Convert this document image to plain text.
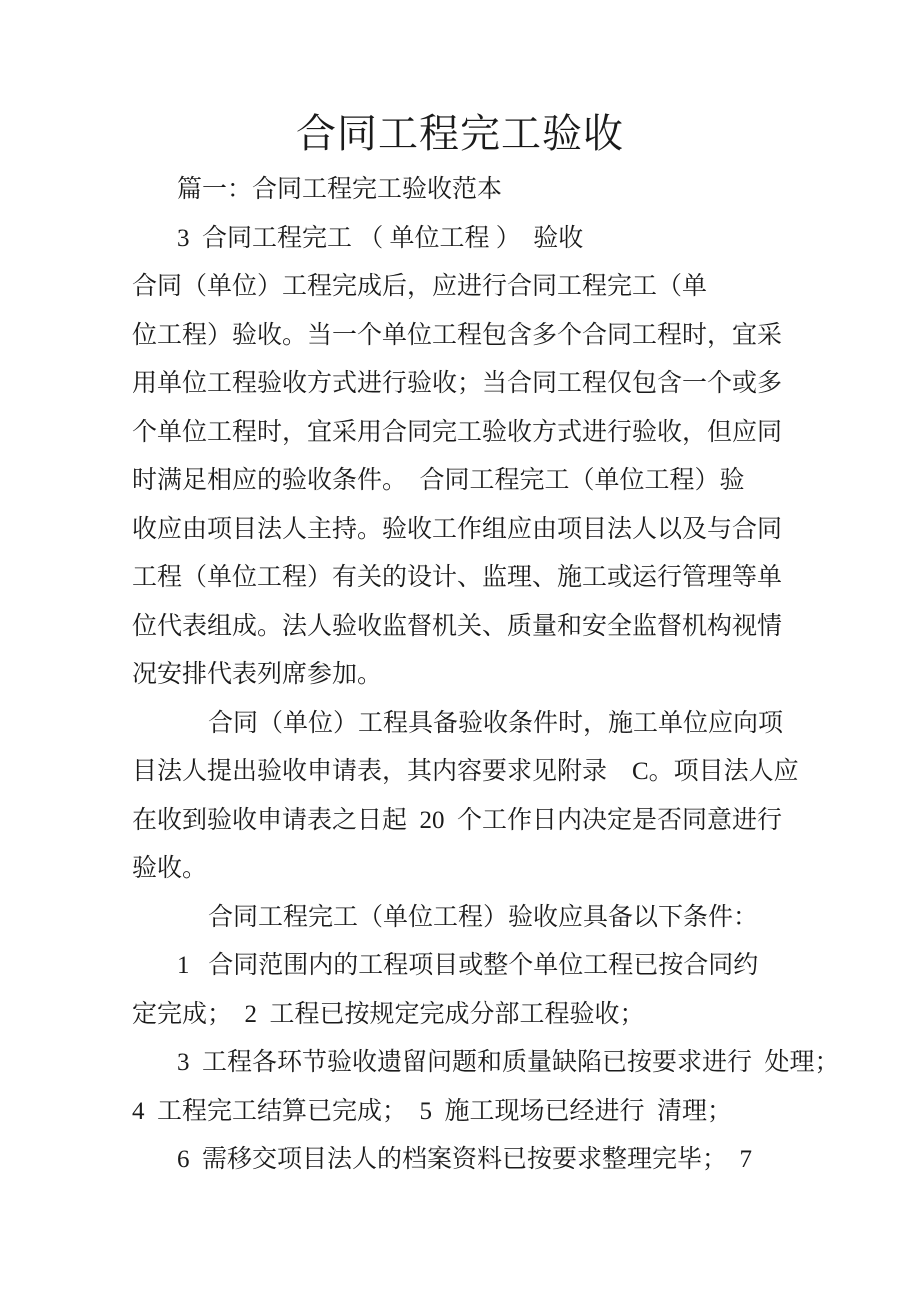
合同工程完工验收
篇一：合同工程完工验收范本
3  合同工程完工 （ 单位工程 ）  验收
合同（单位）工程完成后，应进行合同工程完工（单
位工程）验收。当一个单位工程包含多个合同工程时，宜采
用单位工程验收方式进行验收；当合同工程仅包含一个或多
个单位工程时，宜采用合同完工验收方式进行验收，但应同
时满足相应的验收条件。  合同工程完工（单位工程）验
收应由项目法人主持。验收工作组应由项目法人以及与合同
工程（单位工程）有关的设计、监理、施工或运行管理等单
位代表组成。法人验收监督机关、质量和安全监督机构视情
况安排代表列席参加。
合同（单位）工程具备验收条件时，施工单位应向项
目法人提出验收申请表，其内容要求见附录    C。项目法人应
在收到验收申请表之日起  20  个工作日内决定是否同意进行
验收。
合同工程完工（单位工程）验收应具备以下条件：
1   合同范围内的工程项目或整个单位工程已按合同约
定完成；  2  工程已按规定完成分部工程验收；
3  工程各环节验收遗留问题和质量缺陷已按要求进行  处理；
4  工程完工结算已完成；  5  施工现场已经进行  清理；
6  需移交项目法人的档案资料已按要求整理完毕；  7
